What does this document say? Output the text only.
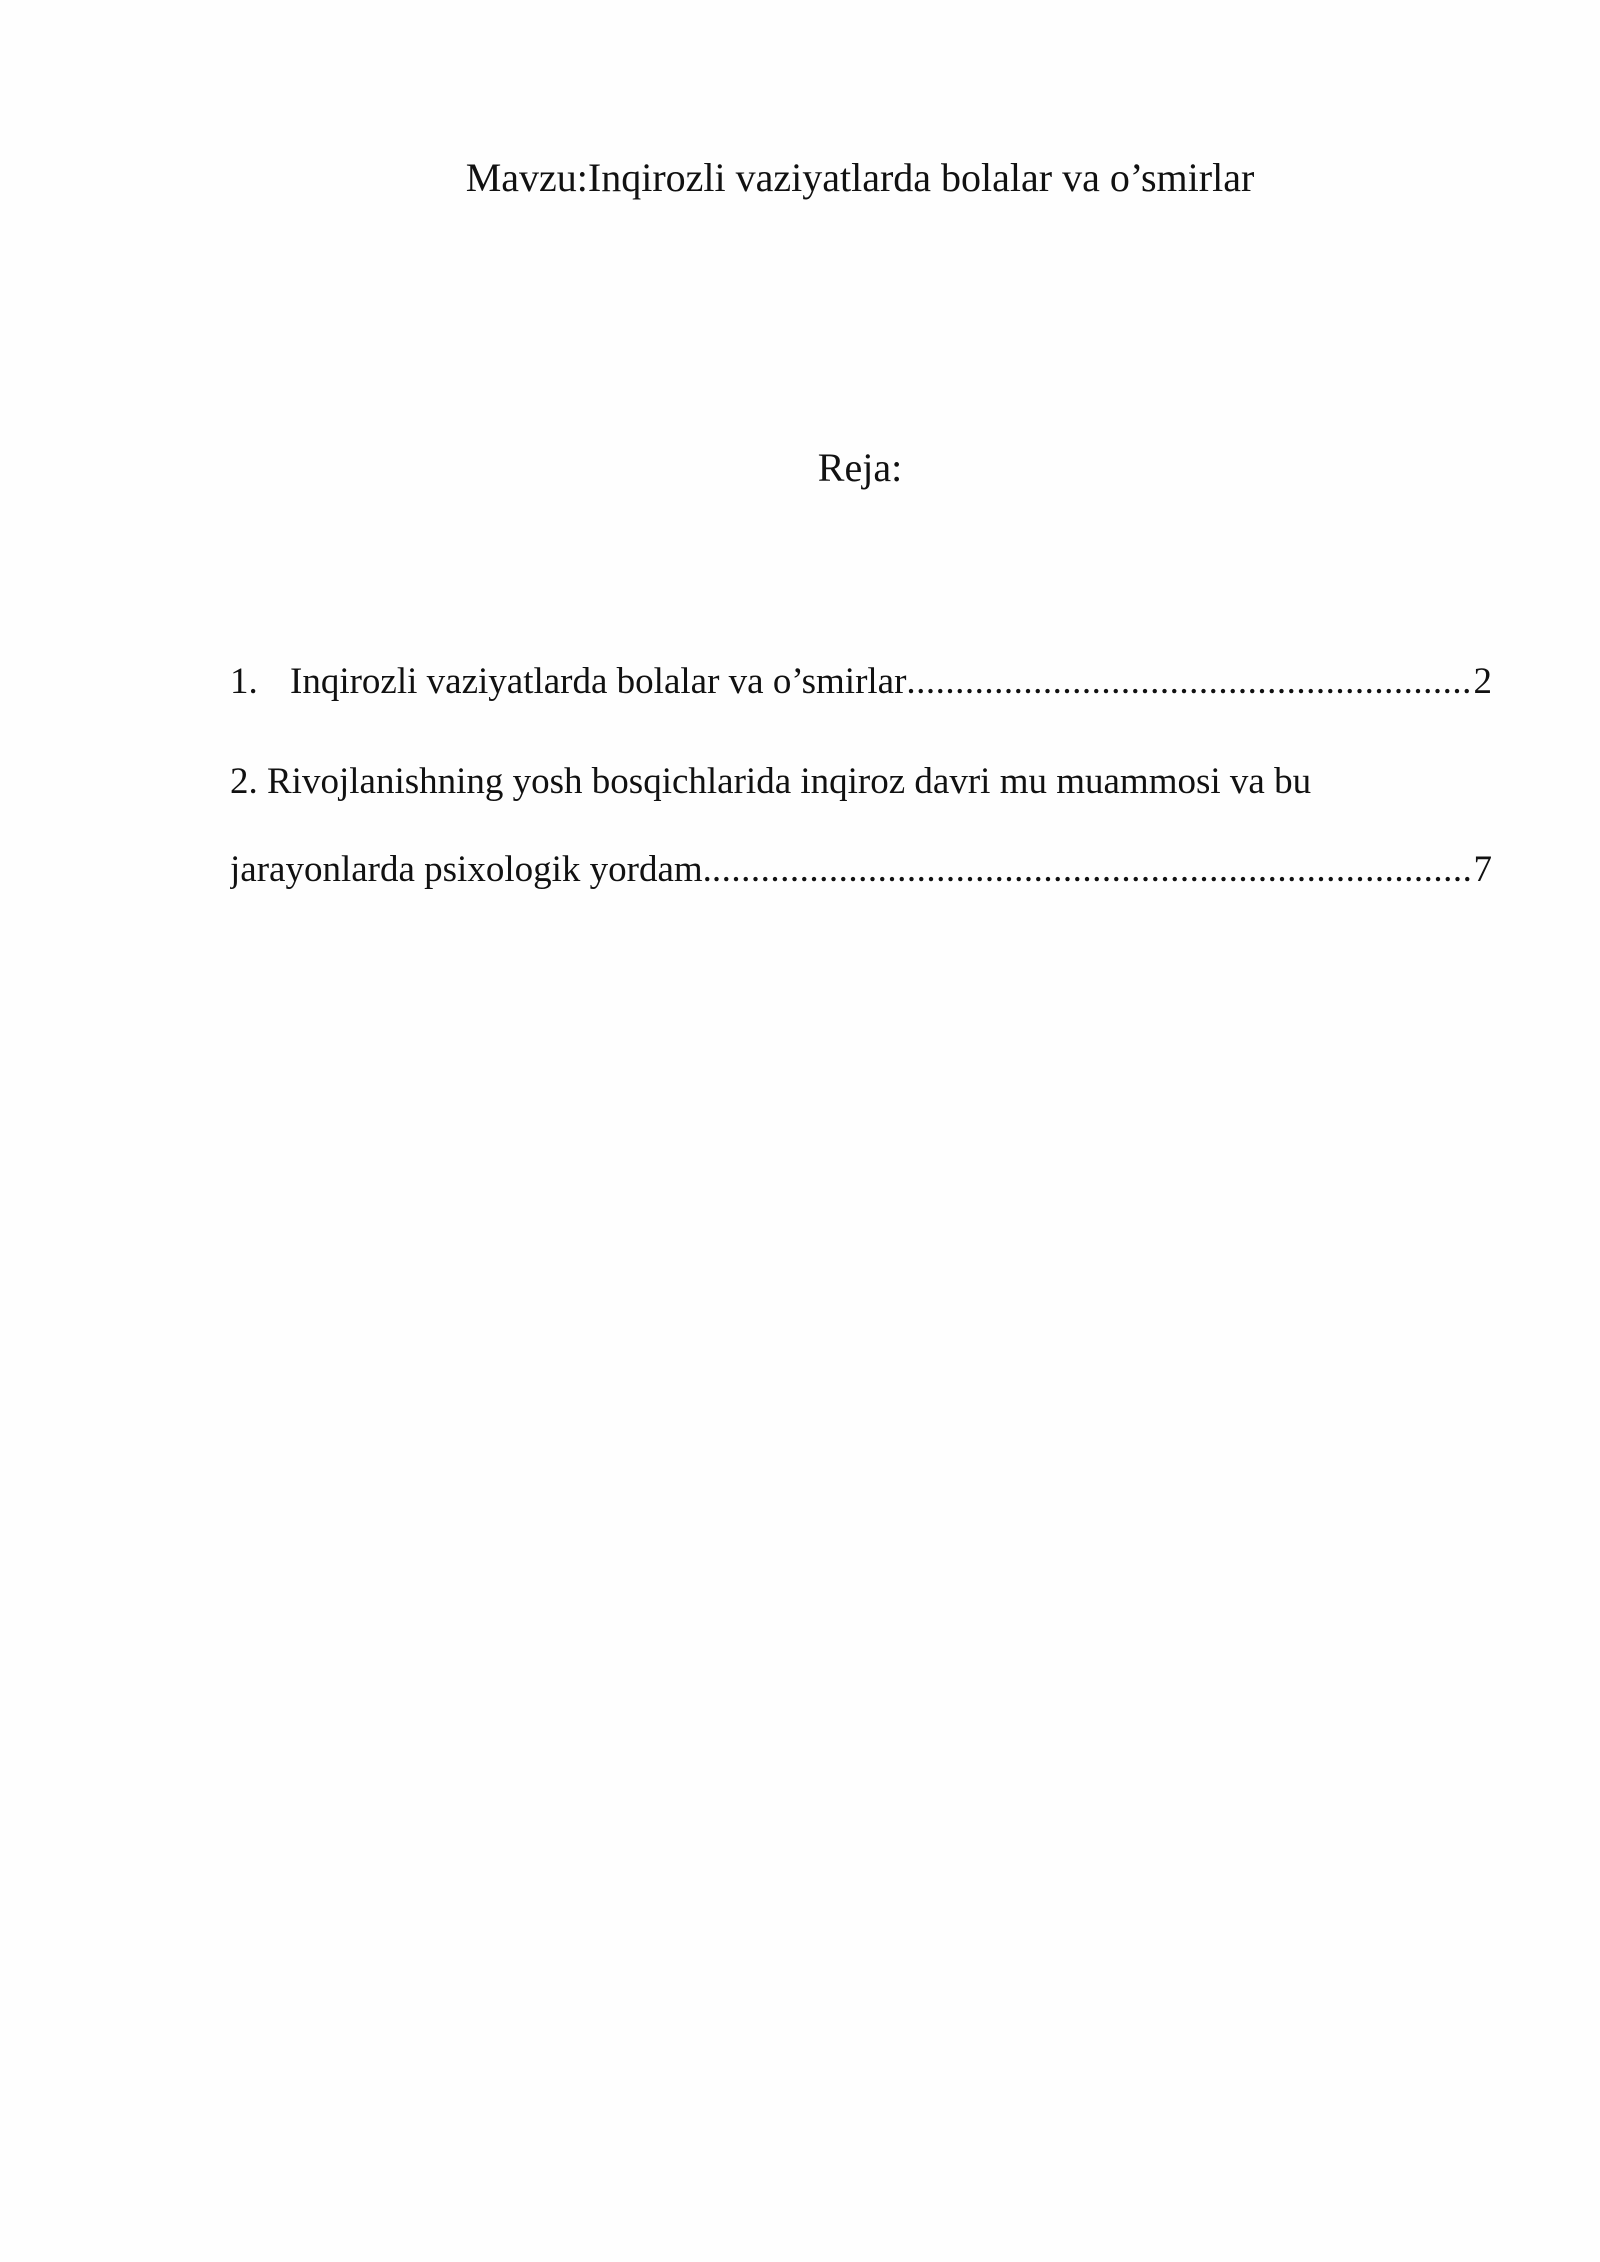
Mavzu:Inqirozli vaziyatlarda bolalar va o’smirlar
Reja:
1. Inqirozli vaziyatlarda bolalar va o’smirlar .....	2
2. Rivojlanishning yosh bosqichlarida inqiroz davri mu muammosi va bu
jarayonlarda psixologik yordam. .....	7
